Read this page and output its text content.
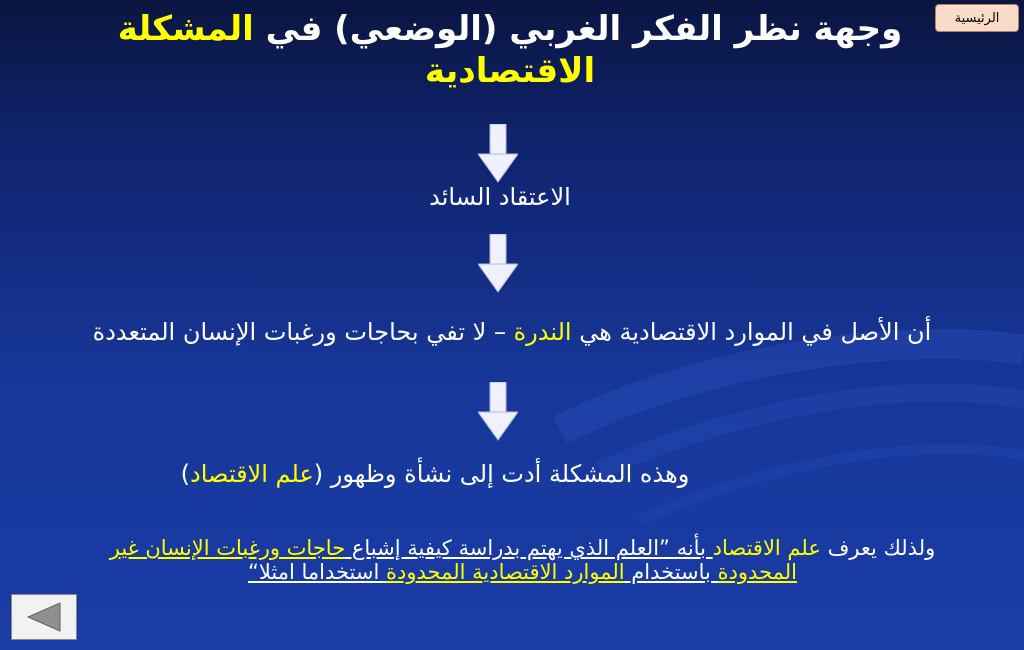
الرئيسية
وجهة نظر الفكر الغربي (الوضعي) في المشكلة الاقتصادية
الاعتقاد السائد
أن الأصل في الموارد الاقتصادية هي الندرة – لا تفي بحاجات ورغبات الإنسان المتعددة
وهذه المشكلة أدت إلى نشأة وظهور (علم الاقتصاد)
ولذلك يعرف علم الاقتصاد بأنه ”العلم الذي يهتم بدراسة كيفية إشباع حاجات ورغبات الإنسان غير المحدودة باستخدام الموارد الاقتصادية المحدودة استخداما امثلا“
